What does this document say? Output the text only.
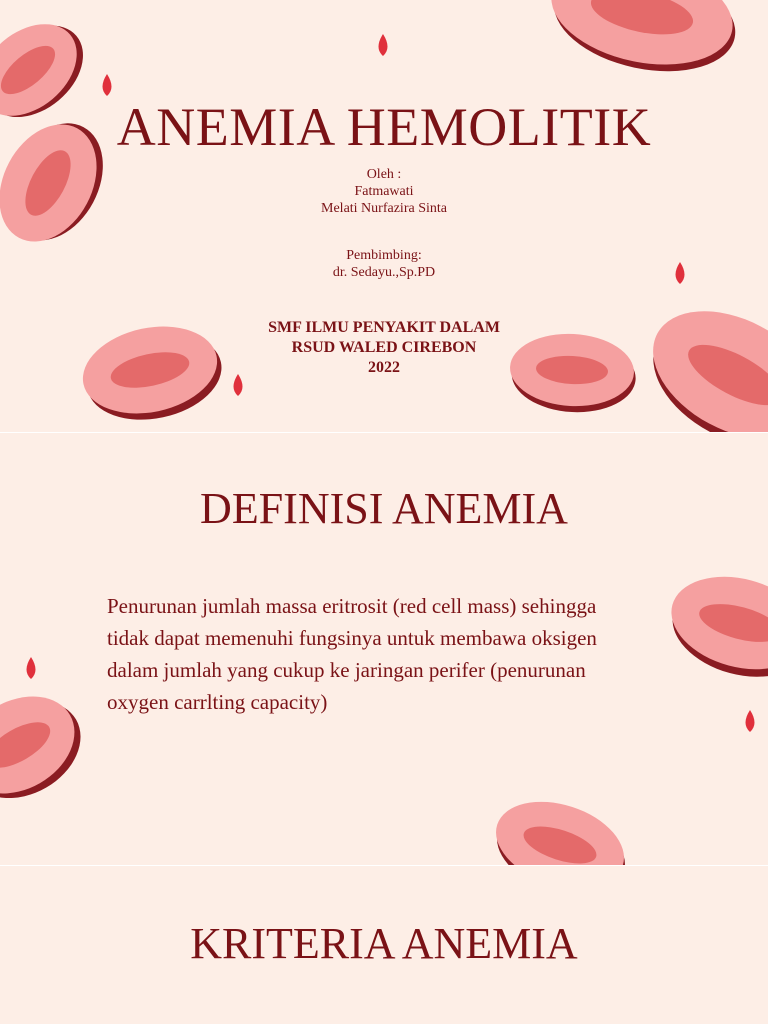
ANEMIA HEMOLITIK
Oleh :
Fatmawati
Melati Nurfazira Sinta
Pembimbing:
dr. Sedayu.,Sp.PD
SMF ILMU PENYAKIT DALAM
RSUD WALED CIREBON
2022
DEFINISI ANEMIA

Penurunan jumlah massa eritrosit (red cell mass) sehingga tidak dapat memenuhi fungsinya untuk membawa oksigen dalam jumlah yang cukup ke jaringan perifer (penurunan oxygen carrlting capacity)

KRITERIA ANEMIA
